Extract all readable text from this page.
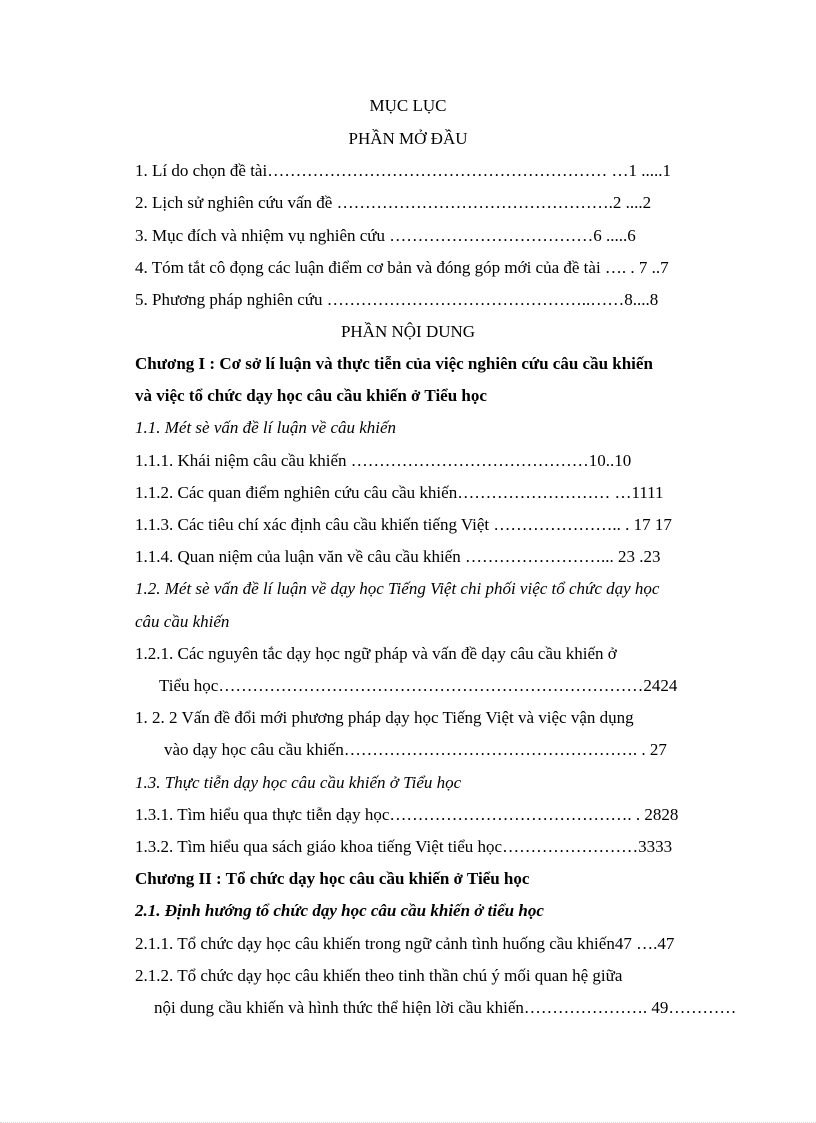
MỤC LỤC
PHẦN MỞ ĐẦU
1. Lí do chọn đề tài…………………………………………………… …1 .....1
2. Lịch sử nghiên cứu vấn đề ………………………………………….2 ....2
3. Mục đích và nhiệm vụ nghiên cứu ………………………………6 .....6
4. Tóm tắt cô đọng các luận điểm cơ bản và đóng góp mới của đề tài …. . 7 ..7
5. Phương pháp nghiên cứu ………………………………………..……8....8
PHẦN NỘI DUNG
Chương I : Cơ sở lí luận và thực tiễn của việc nghiên cứu câu cầu khiến
và việc tổ chức dạy học câu cầu khiến ở Tiểu học
1.1. Mét sè vấn đề lí luận về câu khiến
1.1.1. Khái niệm câu cầu khiến ……………………………………10..10
1.1.2. Các quan điểm nghiên cứu câu cầu khiến……………………… …1111
1.1.3. Các tiêu chí xác định câu cầu khiến tiếng Việt ………………….. . 17 17
1.1.4. Quan niệm của luận văn về câu cầu khiến ……………………... 23 .23
1.2. Mét sè vấn đề lí luận về dạy học Tiếng Việt chi phối việc tổ chức dạy học
câu cầu khiến
1.2.1. Các nguyên tắc dạy học ngữ pháp và vấn đề dạy câu cầu khiến ở
Tiểu học…………………………………………………………………2424
1. 2. 2 Vấn đề đổi mới phương pháp dạy học Tiếng Việt và việc vận dụng
vào dạy học câu cầu khiến……………………………………………. . 27
1.3. Thực tiễn dạy học câu cầu khiến ở Tiểu học
1.3.1. Tìm hiểu qua thực tiễn dạy học……………………………………. . 2828
1.3.2. Tìm hiểu qua sách giáo khoa tiếng Việt tiểu học……………………3333
Chương II : Tổ chức dạy học câu cầu khiến ở Tiểu học
2.1. Định hướng tổ chức dạy học câu cầu khiến ở tiểu học
2.1.1. Tổ chức dạy học câu khiến trong ngữ cảnh tình huống cầu khiến47 ….47
2.1.2. Tổ chức dạy học câu khiến theo tinh thần chú ý mối quan hệ giữa
nội dung cầu khiến và hình thức thể hiện lời cầu khiến…………………. 49…………
